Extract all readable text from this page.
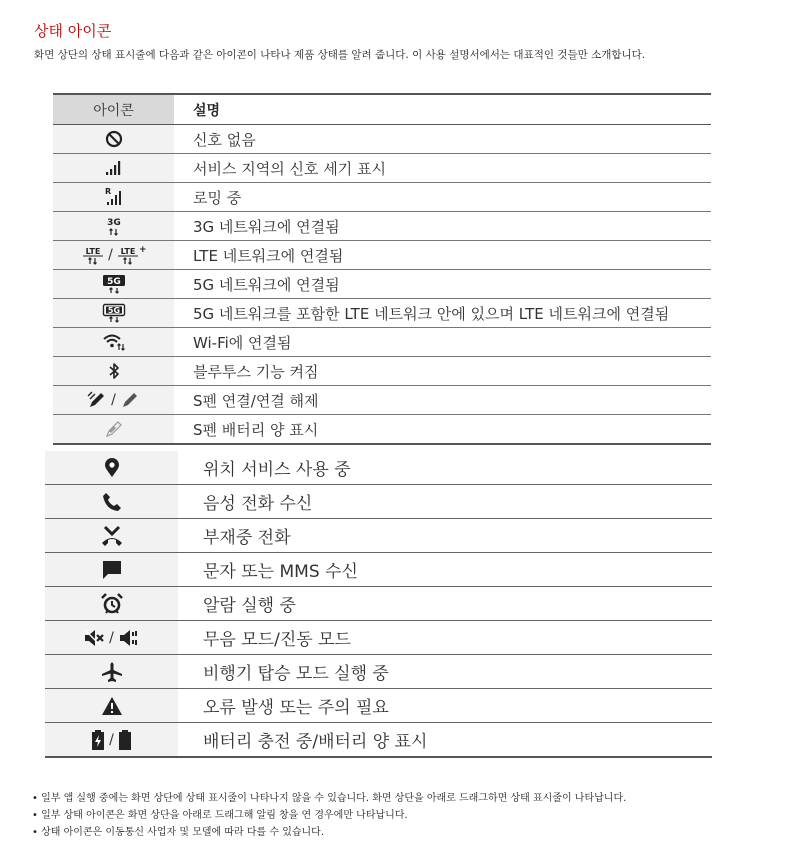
상태 아이콘

화면 상단의 상태 표시줄에 다음과 같은 아이콘이 나타나 제품 상태를 알려 줍니다. 이 사용 설명서에서는 대표적인 것들만 소개합니다.

아이콘	설명

	신호 없음

	서비스 지역의 신호 세기 표시

R	로밍 중

3G	3G 네트워크에 연결됨

LTE / LTE +	LTE 네트워크에 연결됨

5G	5G 네트워크에 연결됨

5G	5G 네트워크를 포함한 LTE 네트워크 안에 있으며 LTE 네트워크에 연결됨

	Wi-Fi에 연결됨

	블루투스 기능 켜짐

/	S펜 연결/연결 해제

	S펜 배터리 양 표시
	위치 서비스 사용 중

	음성 전화 수신

	부재중 전화

	문자 또는 MMS 수신

	알람 실행 중

/	무음 모드/진동 모드

	비행기 탑승 모드 실행 중

	오류 발생 또는 주의 필요

/	배터리 충전 중/배터리 양 표시
• 일부 앱 실행 중에는 화면 상단에 상태 표시줄이 나타나지 않을 수 있습니다. 화면 상단을 아래로 드래그하면 상태 표시줄이 나타납니다.
• 일부 상태 아이콘은 화면 상단을 아래로 드래그해 알림 창을 연 경우에만 나타납니다.
• 상태 아이콘은 이동통신 사업자 및 모델에 따라 다를 수 있습니다.
